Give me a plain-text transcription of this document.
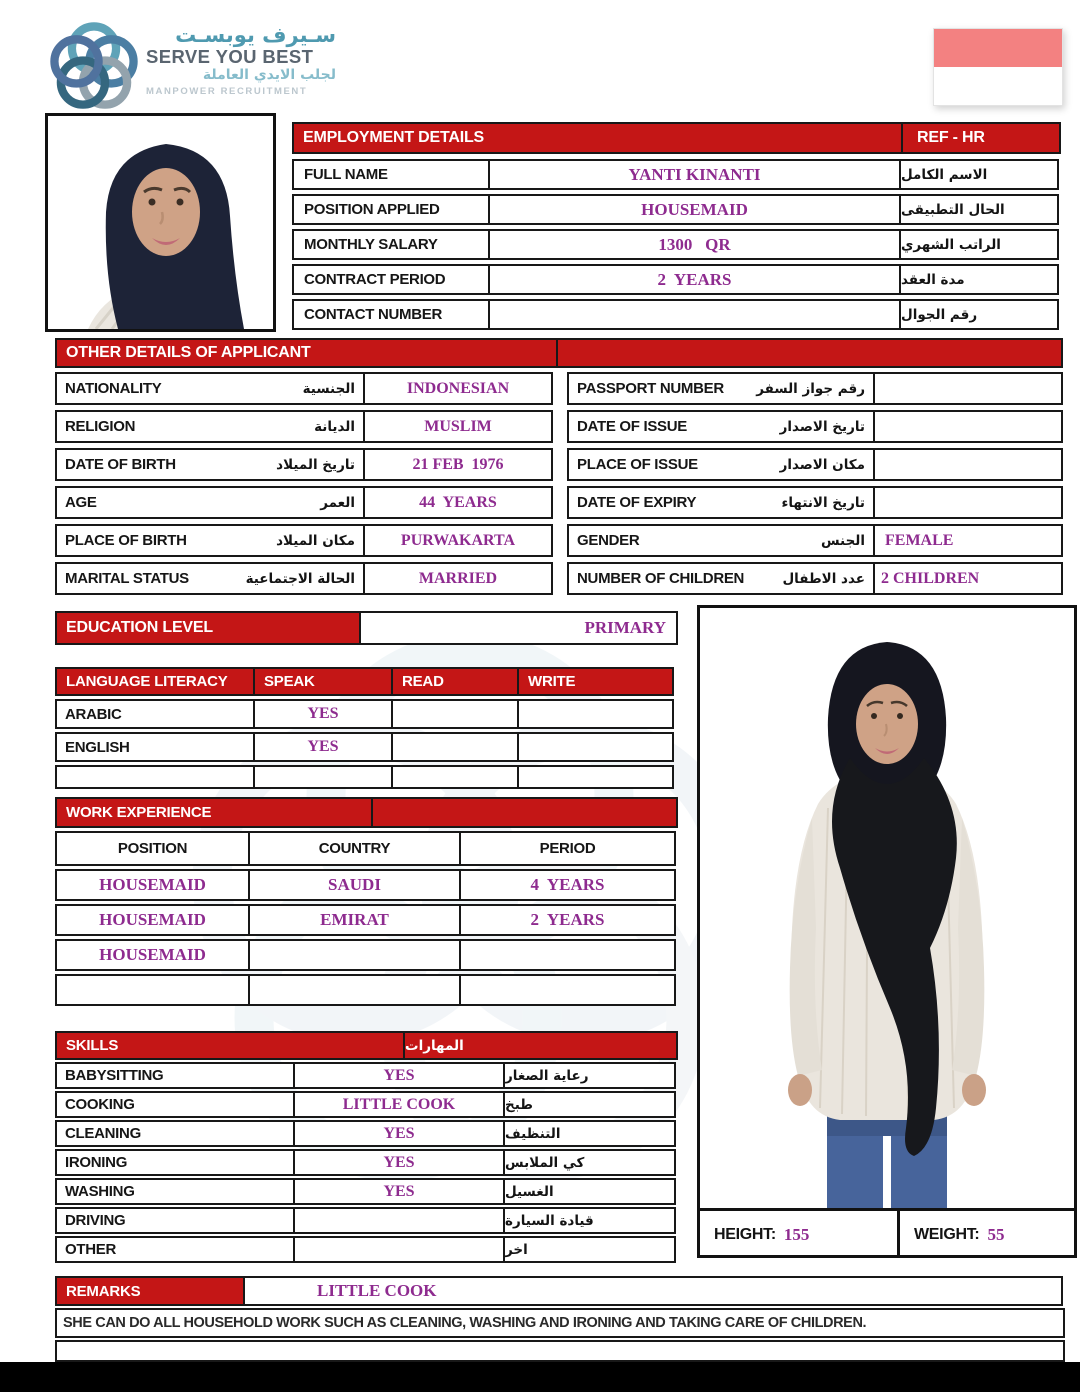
سـيرف يوبسـت
SERVE YOU BEST
لجلب الايدي العاملة
MANPOWER RECRUITMENT
EMPLOYMENT DETAILS	REF - HR
FULL NAME	YANTI KINANTI	الاسم الكامل
POSITION APPLIED	HOUSEMAID	الحال التطبيقى
MONTHLY SALARY	1300   QR	الراتب الشهري
CONTRACT PERIOD	2  YEARS	مدة العقد
CONTACT NUMBER	رقم الجوال
OTHER DETAILS OF APPLICANT
NATIONALITY	الجنسية	INDONESIAN
RELIGION	الديانة	MUSLIM
DATE OF BIRTH	تاريخ الميلاد	21 FEB  1976
AGE	العمر	44  YEARS
PLACE OF BIRTH	مكان الميلاد	PURWAKARTA
MARITAL STATUS	الحالة الاجتماعية	MARRIED
PASSPORT NUMBER رقم جواز السفر
DATE OF ISSUE	تاريخ الاصدار
PLACE OF ISSUE	مكان الاصدار
DATE OF EXPIRY	تاريخ الانتهاء
GENDER	الجنس	FEMALE
NUMBER OF CHILDREN	عدد الاطفال	2 CHILDREN
EDUCATION LEVEL	PRIMARY
LANGUAGE LITERACY	SPEAK	READ	WRITE
ARABIC	YES
ENGLISH	YES
WORK EXPERIENCE
POSITION	COUNTRY	PERIOD
HOUSEMAID	SAUDI	4  YEARS
HOUSEMAID	EMIRAT	2  YEARS
HOUSEMAID
SKILLS	المهارات
BABYSITTING	YES	رعاية الصغار
COOKING	LITTLE COOK	طبخ
CLEANING	YES	التنظيف
IRONING	YES	كي الملابس
WASHING	YES	الغسيل
DRIVING	قيادة السيارة
OTHER	اخر
HEIGHT: 155	WEIGHT: 55
REMARKS	LITTLE COOK
SHE CAN DO ALL HOUSEHOLD WORK SUCH AS CLEANING, WASHING AND IRONING AND TAKING CARE OF CHILDREN.
